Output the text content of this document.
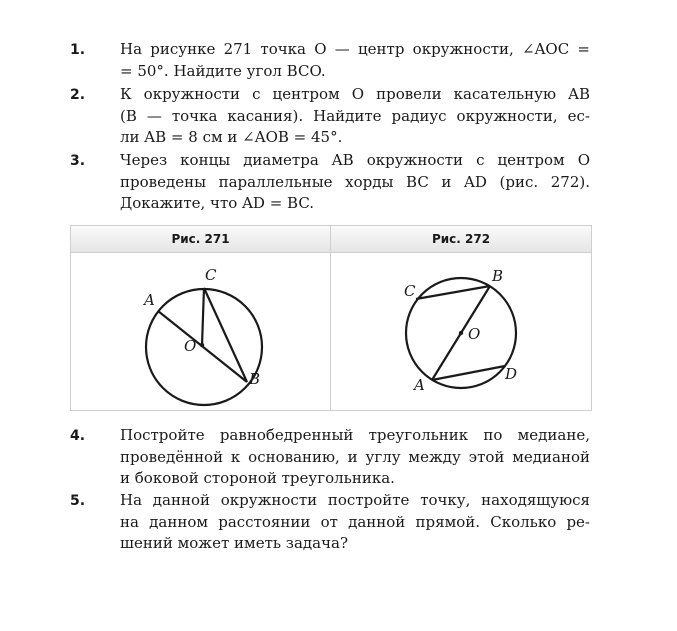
1. На рисунке 271 точка O — центр окружности, ∠AOC =
= 50°. Найдите угол BCO.
2. К окружности с центром O провели касательную AB
(B — точка касания). Найдите радиус окружности, ес-
ли AB = 8 см и ∠AOB = 45°.
3. Через концы диаметра AB окружности с центром O
проведены параллельные хорды BC и AD (рис. 272).
Докажите, что AD = BC.
Рис. 271	Рис. 272
A
C
O
B
C
B
O
A
D
4. Постройте равнобедренный треугольник по медиане,
проведённой к основанию, и углу между этой медианой
и боковой стороной треугольника.
5. На данной окружности постройте точку, находящуюся
на данном расстоянии от данной прямой. Сколько ре-
шений может иметь задача?
